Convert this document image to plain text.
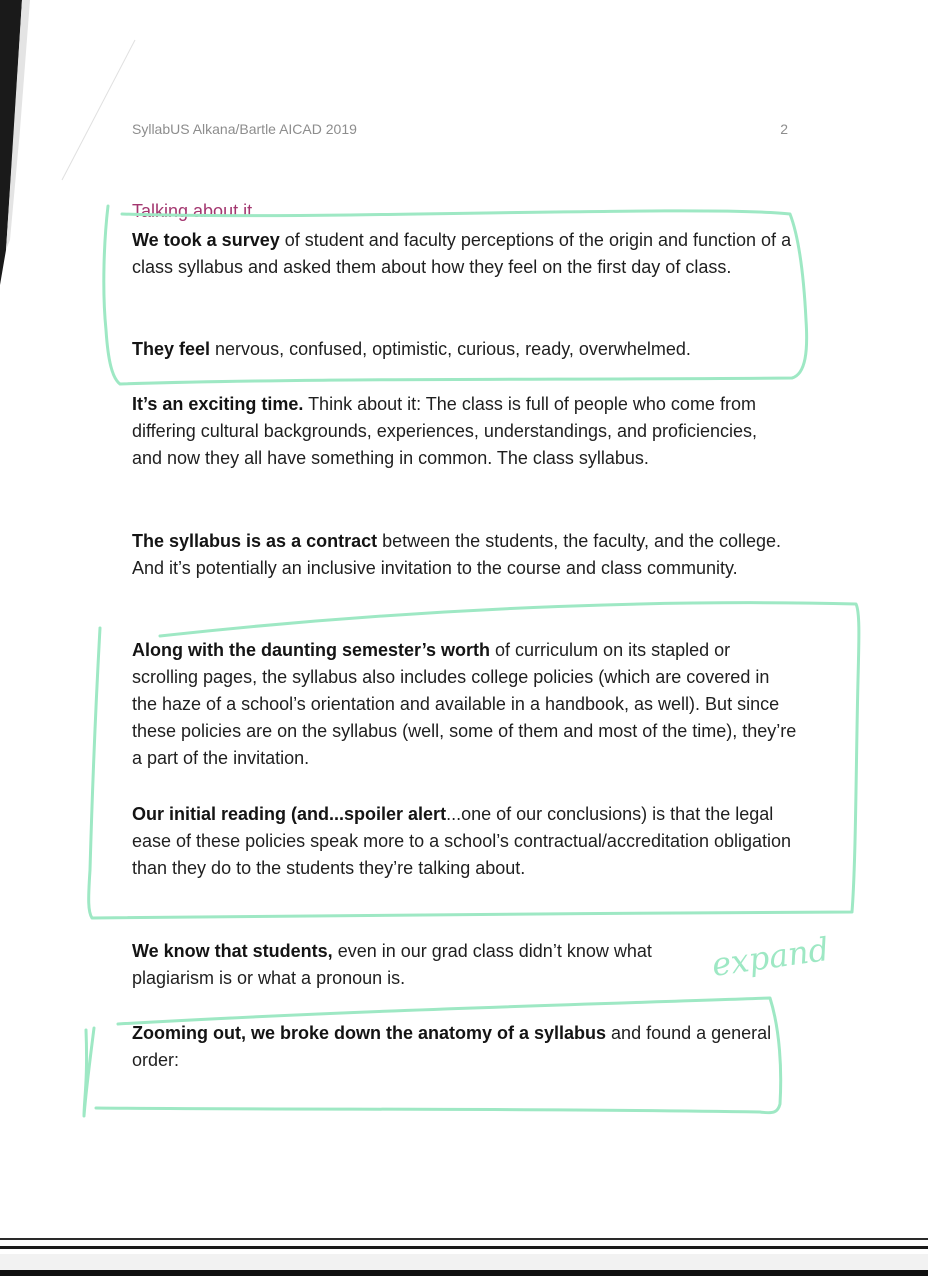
SyllabUS Alkana/Bartle AICAD 2019	2
Talking about it
We took a survey of student and faculty perceptions of the origin and function of a class syllabus and asked them about how they feel on the first day of class.
They feel nervous, confused, optimistic, curious, ready, overwhelmed.
It’s an exciting time. Think about it: The class is full of people who come from differing cultural backgrounds, experiences, understandings, and proficiencies, and now they all have something in common. The class syllabus.
The syllabus is as a contract between the students, the faculty, and the college. And it’s potentially an inclusive invitation to the course and class community.
Along with the daunting semester’s worth of curriculum on its stapled or scrolling pages, the syllabus also includes college policies (which are covered in the haze of a school’s orientation and available in a handbook, as well). But since these policies are on the syllabus (well, some of them and most of the time), they’re a part of the invitation.
Our initial reading (and...spoiler alert...one of our conclusions) is that the legal ease of these policies speak more to a school’s contractual/accreditation obligation than they do to the students they’re talking about.
We know that students, even in our grad class didn’t know what plagiarism is or what a pronoun is.
Zooming out, we broke down the anatomy of a syllabus and found a general order:
expand
